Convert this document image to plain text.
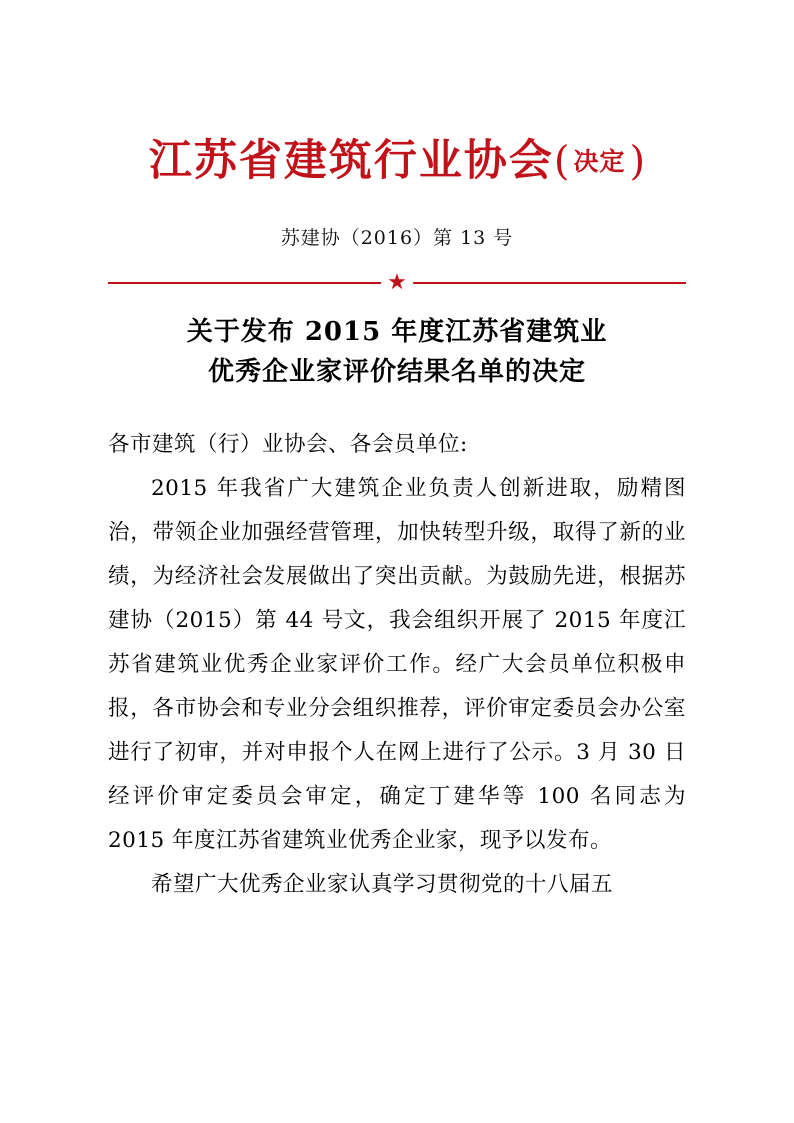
江苏省建筑行业协会( 决定 )
苏建协（2016）第 13 号
★
关于发布 2015 年度江苏省建筑业
优秀企业家评价结果名单的决定

各市建筑（行）业协会、各会员单位:

2015 年我省广大建筑企业负责人创新进取，励精图治，带领企业加强经营管理，加快转型升级，取得了新的业绩，为经济社会发展做出了突出贡献。为鼓励先进，根据苏建协（2015）第 44 号文，我会组织开展了 2015 年度江苏省建筑业优秀企业家评价工作。经广大会员单位积极申报，各市协会和专业分会组织推荐，评价审定委员会办公室进行了初审，并对申报个人在网上进行了公示。3 月 30 日经评价审定委员会审定，确定丁建华等 100 名同志为 2015 年度江苏省建筑业优秀企业家，现予以发布。

希望广大优秀企业家认真学习贯彻党的十八届五
